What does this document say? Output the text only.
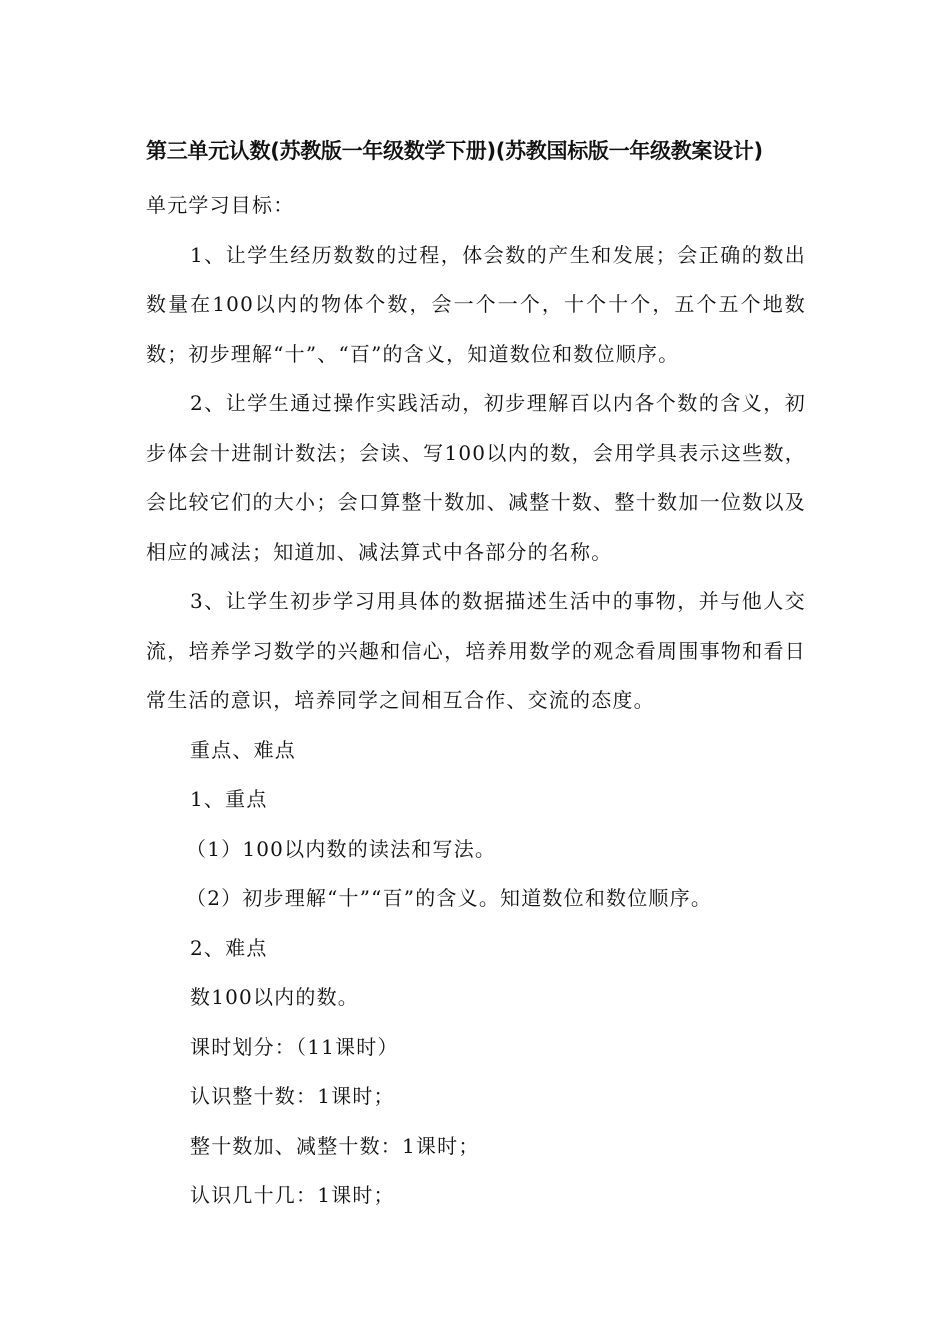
第三单元认数(苏教版一年级数学下册)(苏教国标版一年级教案设计)
单元学习目标：

1、让学生经历数数的过程，体会数的产生和发展；会正确的数出数量在100以内的物体个数，会一个一个，十个十个，五个五个地数数；初步理解“十”、“百”的含义，知道数位和数位顺序。

2、让学生通过操作实践活动，初步理解百以内各个数的含义，初步体会十进制计数法；会读、写100以内的数，会用学具表示这些数，会比较它们的大小；会口算整十数加、减整十数、整十数加一位数以及相应的减法；知道加、减法算式中各部分的名称。

3、让学生初步学习用具体的数据描述生活中的事物，并与他人交流，培养学习数学的兴趣和信心，培养用数学的观念看周围事物和看日常生活的意识，培养同学之间相互合作、交流的态度。

重点、难点
1、重点
（1）100以内数的读法和写法。
（2）初步理解“十”“百”的含义。知道数位和数位顺序。
2、难点
数100以内的数。
课时划分：（11课时）
认识整十数：1课时；
整十数加、减整十数：1课时；
认识几十几：1课时；
